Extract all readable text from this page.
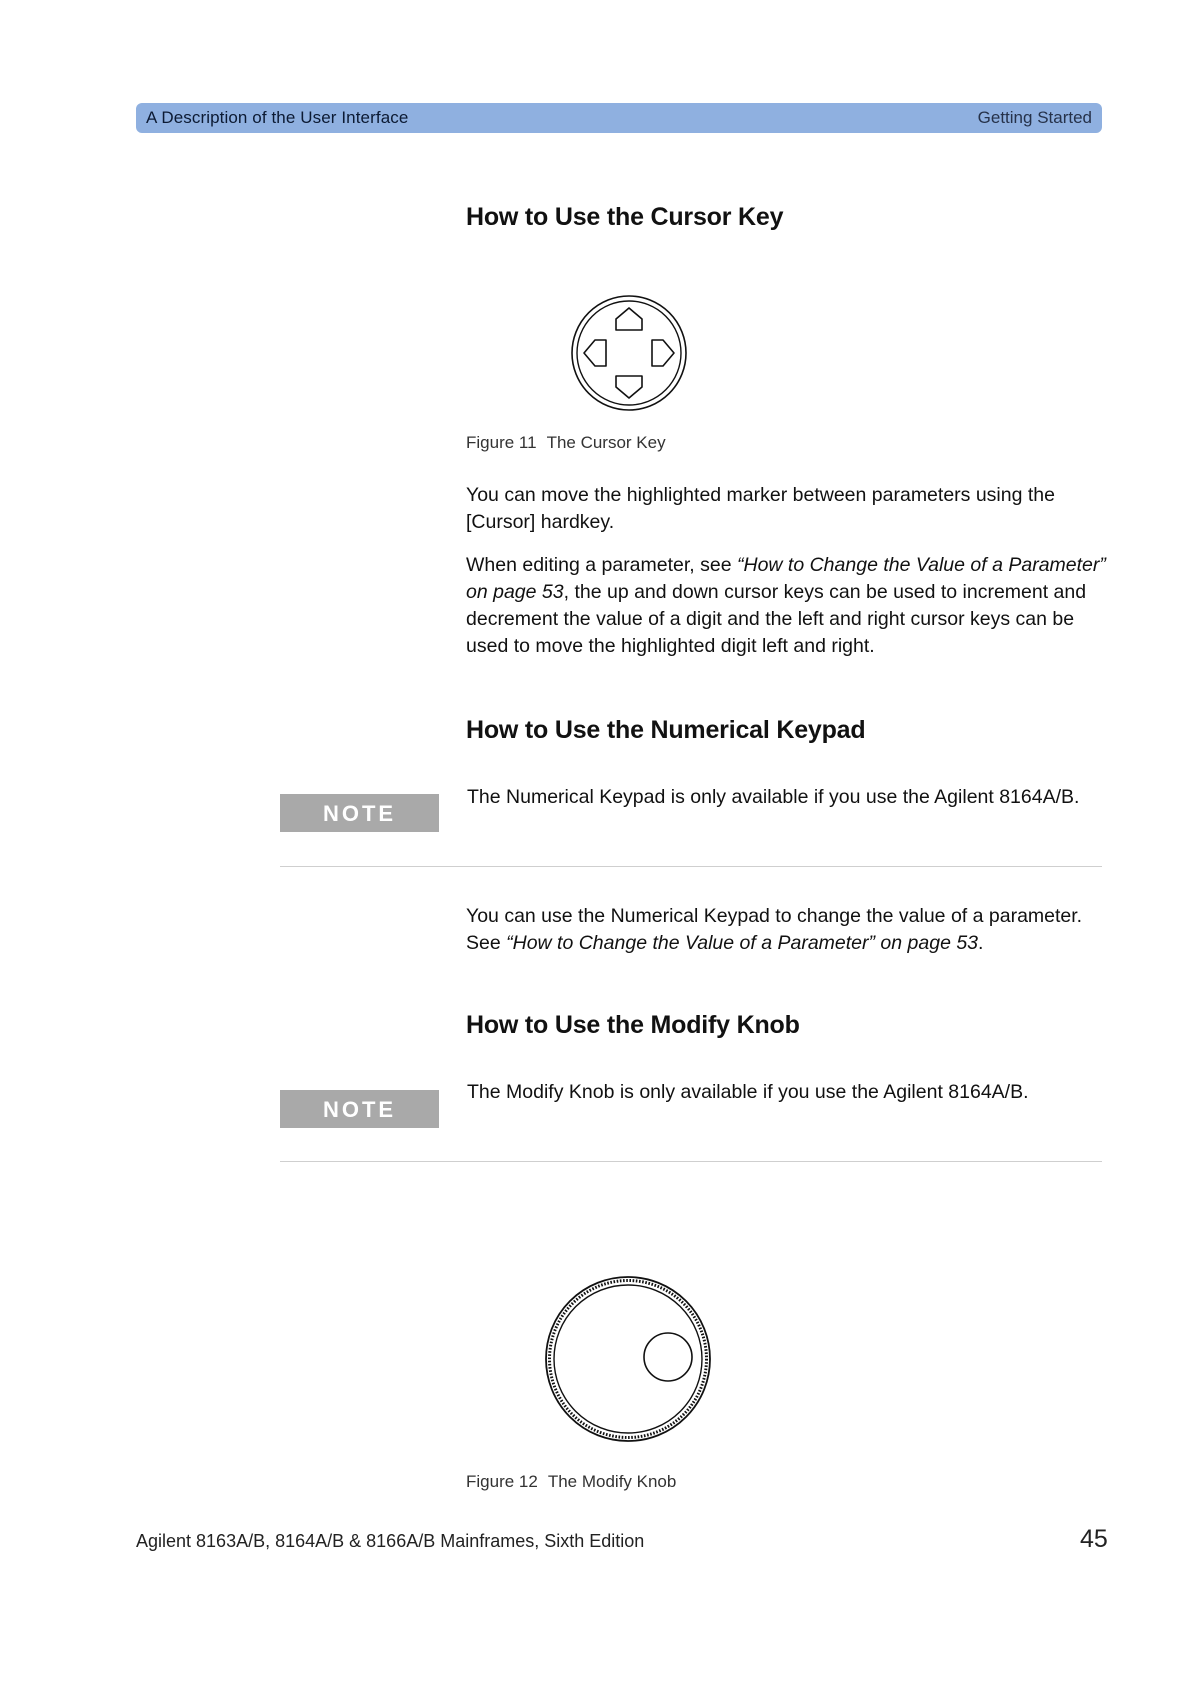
A Description of the User Interface	Getting Started
How to Use the Cursor Key
Figure 11 The Cursor Key

You can move the highlighted marker between parameters using the [Cursor] hardkey.

When editing a parameter, see “How to Change the Value of a Parameter” on page 53, the up and down cursor keys can be used to increment and decrement the value of a digit and the left and right cursor keys can be used to move the highlighted digit left and right.

How to Use the Numerical Keypad
NOTE
The Numerical Keypad is only available if you use the Agilent 8164A/B.

You can use the Numerical Keypad to change the value of a parameter. See “How to Change the Value of a Parameter” on page 53.

How to Use the Modify Knob
NOTE
The Modify Knob is only available if you use the Agilent 8164A/B.
Figure 12 The Modify Knob
Agilent 8163A/B, 8164A/B & 8166A/B Mainframes, Sixth Edition	45
